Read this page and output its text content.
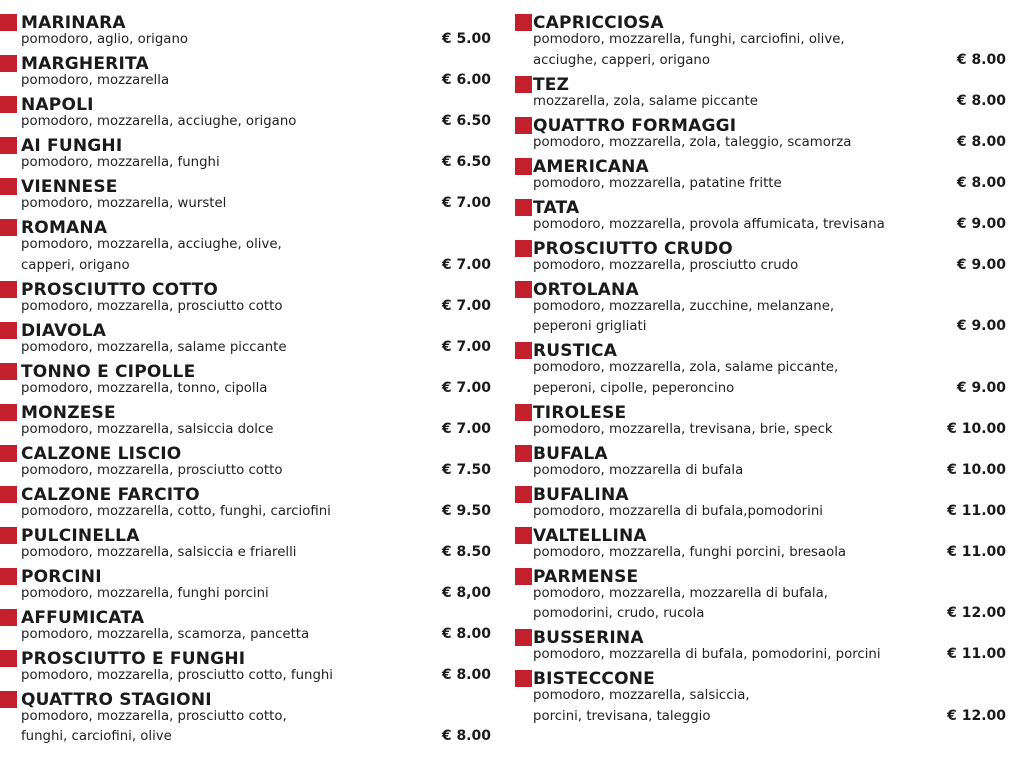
MARINARA
pomodoro, aglio, origano	€ 5.00
MARGHERITA
pomodoro, mozzarella	€ 6.00
NAPOLI
pomodoro, mozzarella, acciughe, origano	€ 6.50
AI FUNGHI
pomodoro, mozzarella, funghi	€ 6.50
VIENNESE
pomodoro, mozzarella, wurstel	€ 7.00
ROMANA
pomodoro, mozzarella, acciughe, olive,
capperi, origano	€ 7.00
PROSCIUTTO COTTO
pomodoro, mozzarella, prosciutto cotto	€ 7.00
DIAVOLA
pomodoro, mozzarella, salame piccante	€ 7.00
TONNO E CIPOLLE
pomodoro, mozzarella, tonno, cipolla	€ 7.00
MONZESE
pomodoro, mozzarella, salsiccia dolce	€ 7.00
CALZONE LISCIO
pomodoro, mozzarella, prosciutto cotto	€ 7.50
CALZONE FARCITO
pomodoro, mozzarella, cotto, funghi, carciofini	€ 9.50
PULCINELLA
pomodoro, mozzarella, salsiccia e friarelli	€ 8.50
PORCINI
pomodoro, mozzarella, funghi porcini	€ 8,00
AFFUMICATA
pomodoro, mozzarella, scamorza, pancetta	€ 8.00
PROSCIUTTO E FUNGHI
pomodoro, mozzarella, prosciutto cotto, funghi	€ 8.00
QUATTRO STAGIONI
pomodoro, mozzarella, prosciutto cotto,
funghi, carciofini, olive	€ 8.00
CAPRICCIOSA
pomodoro, mozzarella, funghi, carciofini, olive,
acciughe, capperi, origano	€ 8.00
TEZ
mozzarella, zola, salame piccante	€ 8.00
QUATTRO FORMAGGI
pomodoro, mozzarella, zola, taleggio, scamorza	€ 8.00
AMERICANA
pomodoro, mozzarella, patatine fritte	€ 8.00
TATA
pomodoro, mozzarella, provola affumicata, trevisana	€ 9.00
PROSCIUTTO CRUDO
pomodoro, mozzarella, prosciutto crudo	€ 9.00
ORTOLANA
pomodoro, mozzarella, zucchine, melanzane,
peperoni grigliati	€ 9.00
RUSTICA
pomodoro, mozzarella, zola, salame piccante,
peperoni, cipolle, peperoncino	€ 9.00
TIROLESE
pomodoro, mozzarella, trevisana, brie, speck	€ 10.00
BUFALA
pomodoro, mozzarella di bufala	€ 10.00
BUFALINA
pomodoro, mozzarella di bufala,pomodorini	€ 11.00
VALTELLINA
pomodoro, mozzarella, funghi porcini, bresaola	€ 11.00
PARMENSE
pomodoro, mozzarella, mozzarella di bufala,
pomodorini, crudo, rucola	€ 12.00
BUSSERINA
pomodoro, mozzarella di bufala, pomodorini, porcini	€ 11.00
BISTECCONE
pomodoro, mozzarella, salsiccia,
porcini, trevisana, taleggio	€ 12.00
